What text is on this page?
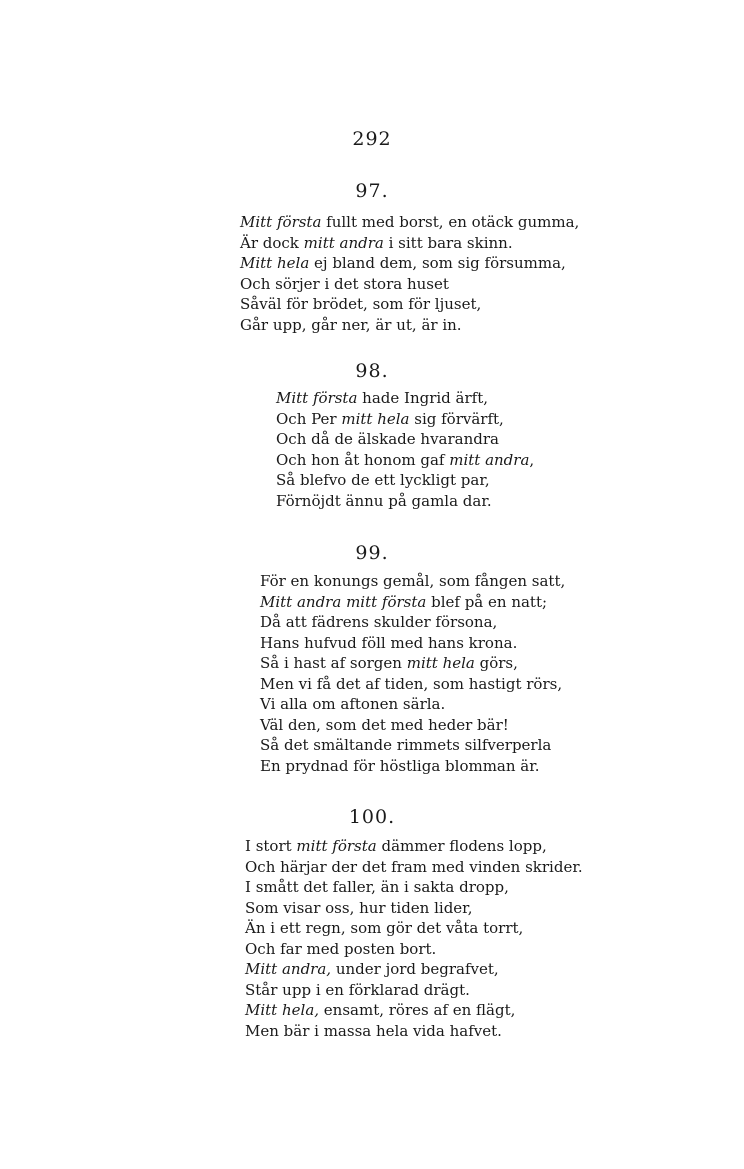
292
97.
Mitt första fullt med borst, en otäck gumma,
Är dock mitt andra i sitt bara skinn.
Mitt hela ej bland dem, som sig försumma,
Och sörjer i det stora huset
Såväl för brödet, som för ljuset,
Går upp, går ner, är ut, är in.
98.
Mitt första hade Ingrid ärft,
Och Per mitt hela sig förvärft,
Och då de älskade hvarandra
Och hon åt honom gaf mitt andra,
Så blefvo de ett lyckligt par,
Förnöjdt ännu på gamla dar.
99.
För en konungs gemål, som fången satt,
Mitt andra mitt första blef på en natt;
Då att fädrens skulder försona,
Hans hufvud föll med hans krona.
Så i hast af sorgen mitt hela görs,
Men vi få det af tiden, som hastigt rörs,
Vi alla om aftonen särla.
Väl den, som det med heder bär!
Så det smältande rimmets silfverperla
En prydnad för höstliga blomman är.
100.
I stort mitt första dämmer flodens lopp,
Och härjar der det fram med vinden skrider.
I smått det faller, än i sakta dropp,
Som visar oss, hur tiden lider,
Än i ett regn, som gör det våta torrt,
Och far med posten bort.
Mitt andra, under jord begrafvet,
Står upp i en förklarad drägt.
Mitt hela, ensamt, röres af en flägt,
Men bär i massa hela vida hafvet.
